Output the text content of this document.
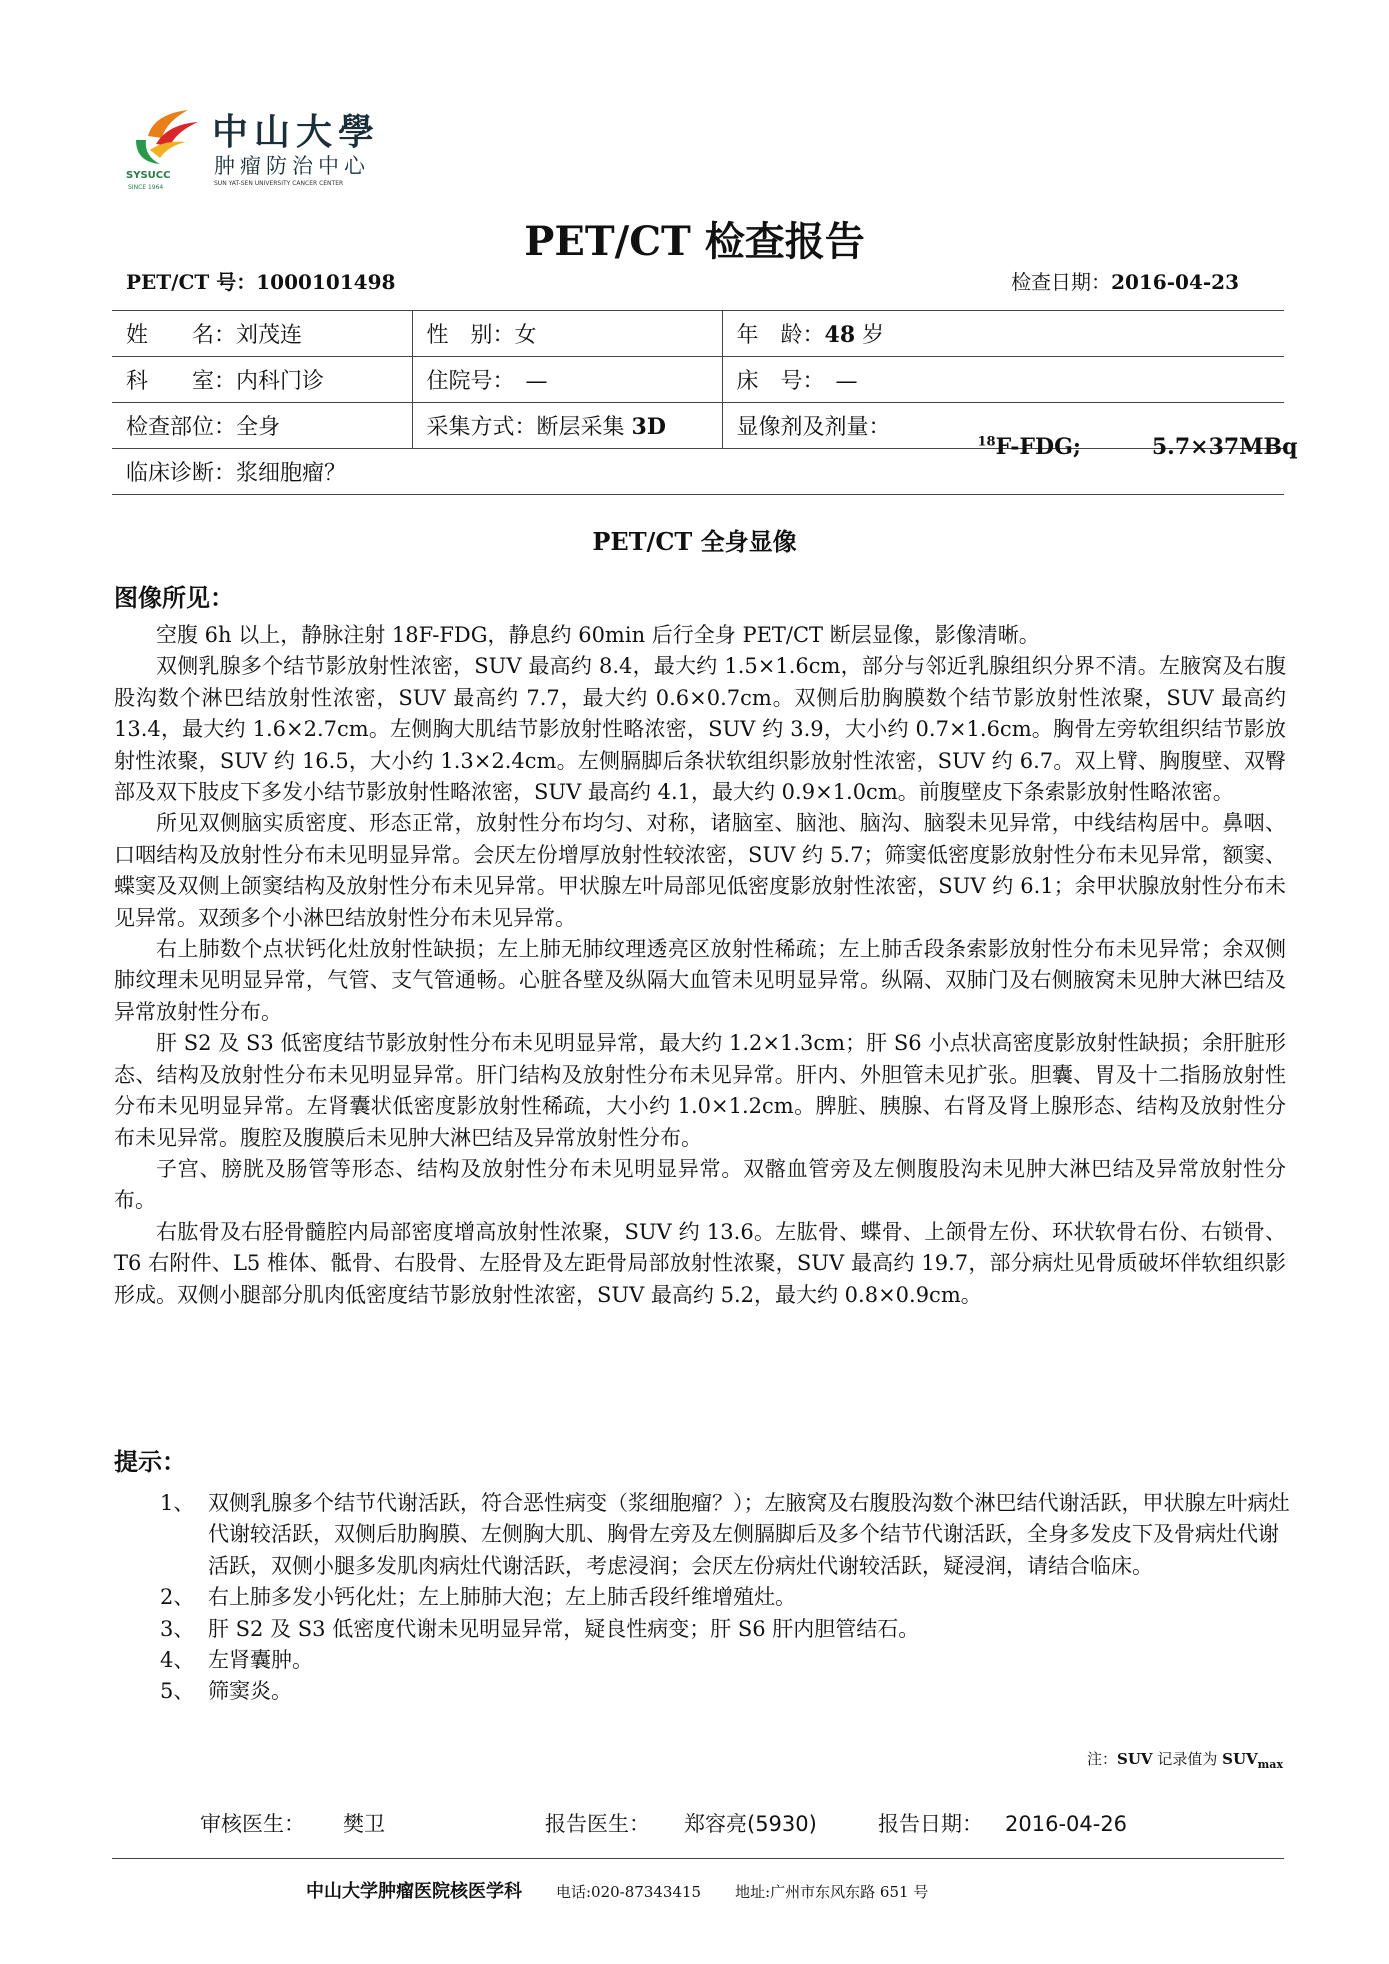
中山大學
肿瘤防治中心
SUN YAT-SEN UNIVERSITY CANCER CENTER
SYSUCC
SINCE 1964
PET/CT 检查报告
PET/CT 号：1000101498	检查日期：2016-04-23
姓　　名：刘茂连	性　别：女	年　龄：48 岁
科　　室：内科门诊	住院号：　—	床　号：　—
检查部位：全身	采集方式：断层采集 3D	显像剂及剂量：
$^{18}$F-FDG; 5.7×37MBq

临床诊断：浆细胞瘤？		
PET/CT 全身显像
图像所见：

空腹 6h 以上，静脉注射 18F-FDG，静息约 60min 后行全身 PET/CT 断层显像，影像清晰。

双侧乳腺多个结节影放射性浓密，SUV 最高约 8.4，最大约 1.5×1.6cm，部分与邻近乳腺组织分界不清。左腋窝及右腹股沟数个淋巴结放射性浓密，SUV 最高约 7.7，最大约 0.6×0.7cm。双侧后肋胸膜数个结节影放射性浓聚，SUV 最高约 13.4，最大约 1.6×2.7cm。左侧胸大肌结节影放射性略浓密，SUV 约 3.9，大小约 0.7×1.6cm。胸骨左旁软组织结节影放射性浓聚，SUV 约 16.5，大小约 1.3×2.4cm。左侧膈脚后条状软组织影放射性浓密，SUV 约 6.7。双上臂、胸腹壁、双臀部及双下肢皮下多发小结节影放射性略浓密，SUV 最高约 4.1，最大约 0.9×1.0cm。前腹壁皮下条索影放射性略浓密。

所见双侧脑实质密度、形态正常，放射性分布均匀、对称，诸脑室、脑池、脑沟、脑裂未见异常，中线结构居中。鼻咽、口咽结构及放射性分布未见明显异常。会厌左份增厚放射性较浓密，SUV 约 5.7；筛窦低密度影放射性分布未见异常，额窦、蝶窦及双侧上颌窦结构及放射性分布未见异常。甲状腺左叶局部见低密度影放射性浓密，SUV 约 6.1；余甲状腺放射性分布未见异常。双颈多个小淋巴结放射性分布未见异常。

右上肺数个点状钙化灶放射性缺损；左上肺无肺纹理透亮区放射性稀疏；左上肺舌段条索影放射性分布未见异常；余双侧肺纹理未见明显异常，气管、支气管通畅。心脏各壁及纵隔大血管未见明显异常。纵隔、双肺门及右侧腋窝未见肿大淋巴结及异常放射性分布。

肝 S2 及 S3 低密度结节影放射性分布未见明显异常，最大约 1.2×1.3cm；肝 S6 小点状高密度影放射性缺损；余肝脏形态、结构及放射性分布未见明显异常。肝门结构及放射性分布未见异常。肝内、外胆管未见扩张。胆囊、胃及十二指肠放射性分布未见明显异常。左肾囊状低密度影放射性稀疏，大小约 1.0×1.2cm。脾脏、胰腺、右肾及肾上腺形态、结构及放射性分布未见异常。腹腔及腹膜后未见肿大淋巴结及异常放射性分布。

子宫、膀胱及肠管等形态、结构及放射性分布未见明显异常。双髂血管旁及左侧腹股沟未见肿大淋巴结及异常放射性分布。

右肱骨及右胫骨髓腔内局部密度增高放射性浓聚，SUV 约 13.6。左肱骨、蝶骨、上颌骨左份、环状软骨右份、右锁骨、T6 右附件、L5 椎体、骶骨、右股骨、左胫骨及左距骨局部放射性浓聚，SUV 最高约 19.7，部分病灶见骨质破坏伴软组织影形成。双侧小腿部分肌肉低密度结节影放射性浓密，SUV 最高约 5.2，最大约 0.8×0.9cm。

提示：
1、 双侧乳腺多个结节代谢活跃，符合恶性病变（浆细胞瘤？）；左腋窝及右腹股沟数个淋巴结代谢活跃，甲状腺左叶病灶代谢较活跃，双侧后肋胸膜、左侧胸大肌、胸骨左旁及左侧膈脚后及多个结节代谢活跃，全身多发皮下及骨病灶代谢活跃，双侧小腿多发肌肉病灶代谢活跃，考虑浸润；会厌左份病灶代谢较活跃，疑浸润，请结合临床。
2、 右上肺多发小钙化灶；左上肺肺大泡；左上肺舌段纤维增殖灶。
3、 肝 S2 及 S3 低密度代谢未见明显异常，疑良性病变；肝 S6 肝内胆管结石。
4、 左肾囊肿。
5、 筛窦炎。
注：SUV 记录值为 $SUV_{max}$
审核医生： 樊卫	报告医生： 郑容亮(5930)	报告日期： 2016-04-26
中山大学肿瘤医院核医学科 电话:020-87343415 地址:广州市东风东路 651 号
